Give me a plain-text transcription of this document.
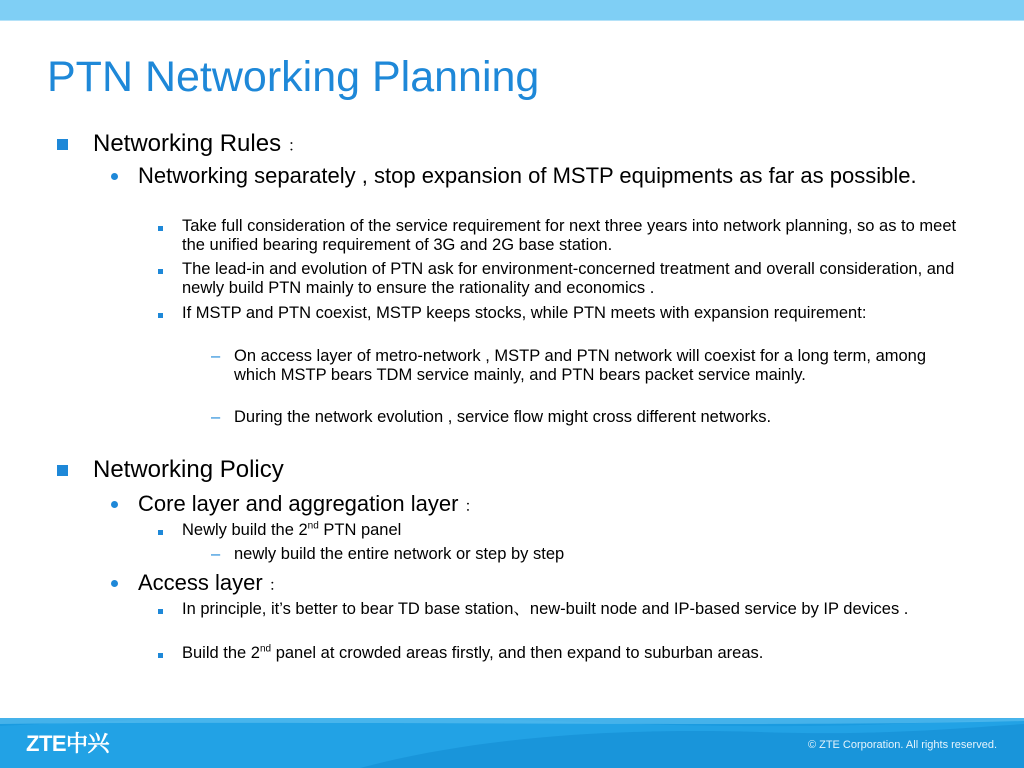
PTN Networking Planning
Networking Rules ：
Networking separately , stop expansion of MSTP equipments as far as possible.
Take full consideration of the service requirement for next three years into network planning, so as to meet the unified bearing requirement of 3G and 2G base station.
The lead-in and evolution of PTN ask for environment-concerned treatment and overall consideration, and newly build PTN mainly to ensure the rationality and economics .
If MSTP and PTN coexist, MSTP keeps stocks, while PTN meets with expansion requirement:
– On access layer of metro-network , MSTP and PTN network will coexist for a long term, among which MSTP bears TDM service mainly, and PTN bears packet service mainly.
– During the network evolution , service flow might cross different networks.
Networking Policy
Core layer and aggregation layer ：
Newly build the 2nd PTN panel
– newly build the entire network or step by step
Access layer ：
In principle, it’s better to bear TD base station、new-built node and IP-based service by IP devices .
Build the 2nd panel at crowded areas firstly, and then expand to suburban areas.
ZTE中兴	© ZTE Corporation. All rights reserved.
